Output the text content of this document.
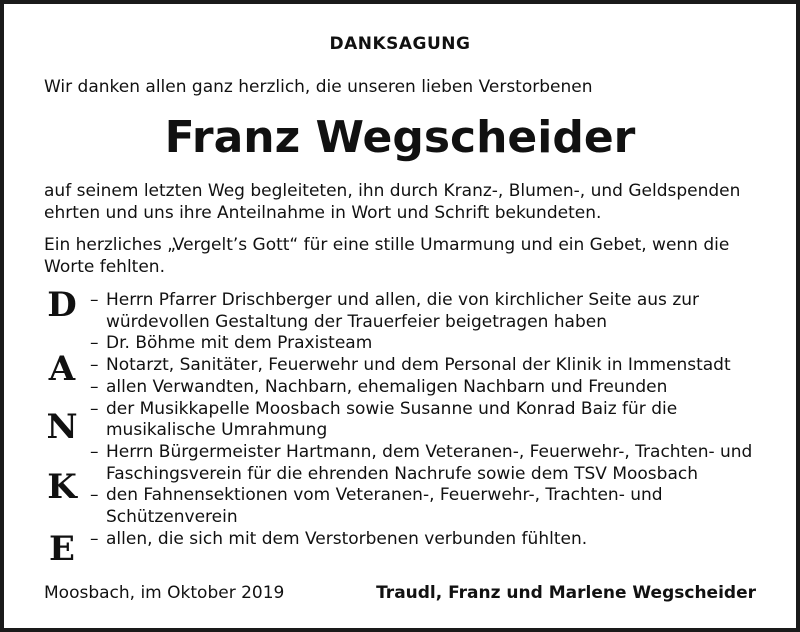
DANKSAGUNG
Wir danken allen ganz herzlich, die unseren lieben Verstorbenen
Franz Wegscheider
auf seinem letzten Weg begleiteten, ihn durch Kranz-, Blumen-, und Geldspenden ehrten und uns ihre Anteilnahme in Wort und Schrift bekundeten.
Ein herzliches „Vergelt’s Gott“ für eine stille Umarmung und ein Gebet, wenn die Worte fehlten.
D
A
N
K
E
– Herrn Pfarrer Drischberger und allen, die von kirchlicher Seite aus zur würdevollen Gestaltung der Trauerfeier beigetragen haben
– Dr. Böhme mit dem Praxisteam
– Notarzt, Sanitäter, Feuerwehr und dem Personal der Klinik in Immenstadt
– allen Verwandten, Nachbarn, ehemaligen Nachbarn und Freunden
– der Musikkapelle Moosbach sowie Susanne und Konrad Baiz für die musikalische Umrahmung
– Herrn Bürgermeister Hartmann, dem Veteranen-, Feuerwehr-, Trachten- und Faschingsverein für die ehrenden Nachrufe sowie dem TSV Moosbach
– den Fahnensektionen vom Veteranen-, Feuerwehr-, Trachten- und Schützenverein
– allen, die sich mit dem Verstorbenen verbunden fühlten.
Moosbach, im Oktober 2019	Traudl, Franz und Marlene Wegscheider
